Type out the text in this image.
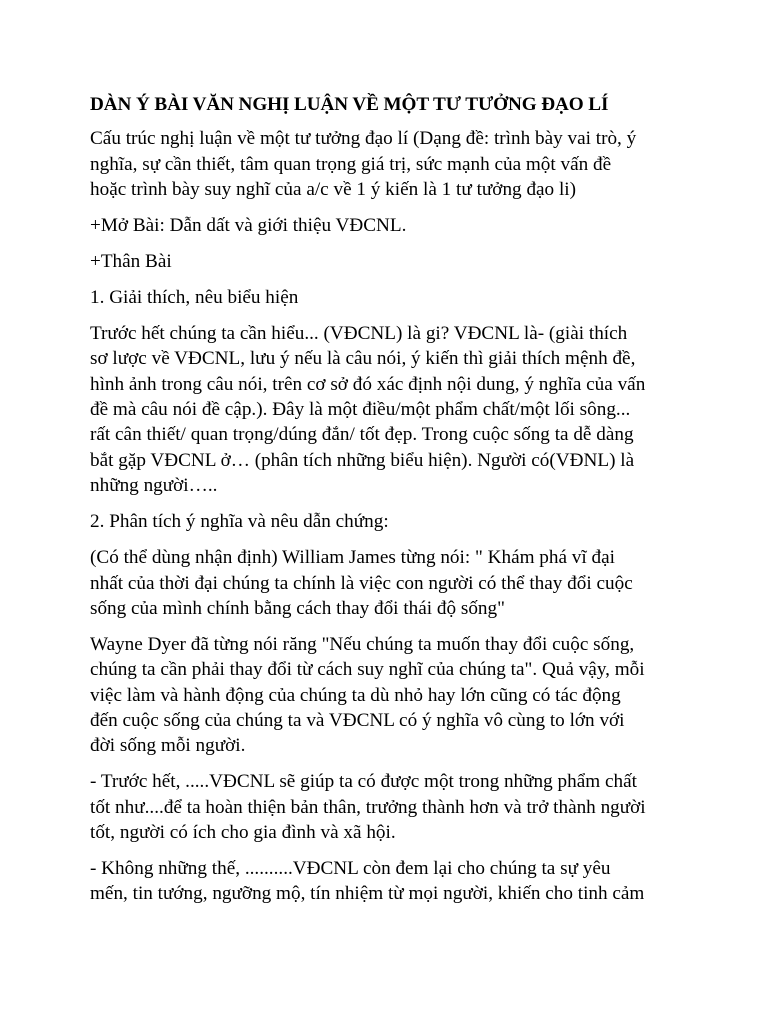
DÀN Ý BÀI VĂN NGHỊ LUẬN VỀ MỘT TƯ TƯỞNG ĐẠO LÍ
Cấu trúc nghị luận về một tư tưởng đạo lí (Dạng đề: trình bày vai trò, ý
nghĩa, sự cần thiết, tâm quan trọng giá trị, sức mạnh của một vấn đề
hoặc trình bày suy nghĩ của a/c về 1 ý kiến là 1 tư tưởng đạo li)
+Mở Bài: Dẫn dất và giới thiệu VĐCNL.
+Thân Bài
1. Giải thích, nêu biểu hiện
Trước hết chúng ta cần hiểu... (VĐCNL) là gi? VĐCNL là- (giài thích
sơ lược về VĐCNL, lưu ý nếu là câu nói, ý kiến thì giải thích mệnh đề,
hình ảnh trong câu nói, trên cơ sở đó xác định nội dung, ý nghĩa của vấn
đề mà câu nói đề cập.). Đây là một điều/một phẩm chất/một lối sông...
rất cân thiết/ quan trọng/dúng đắn/ tốt đẹp. Trong cuộc sống ta dễ dàng
bắt gặp VĐCNL ở… (phân tích những biểu hiện). Người có(VĐNL) là
những người…..
2. Phân tích ý nghĩa và nêu dẫn chứng:
(Có thể dùng nhận định) William James từng nói: " Khám phá vĩ đại
nhất của thời đại chúng ta chính là việc con người có thể thay đổi cuộc
sống của mình chính bằng cách thay đổi thái độ sống"
Wayne Dyer đã từng nói răng "Nếu chúng ta muốn thay đổi cuộc sống,
chúng ta cần phải thay đổi từ cách suy nghĩ của chúng ta". Quả vậy, mỗi
việc làm và hành động của chúng ta dù nhỏ hay lớn cũng có tác động
đến cuộc sống của chúng ta và VĐCNL có ý nghĩa vô cùng to lớn với
đời sống mỗi người.
- Trước hết, .....VĐCNL sẽ giúp ta có được một trong những phẩm chất
tốt như....để ta hoàn thiện bản thân, trưởng thành hơn và trở thành người
tốt, người có ích cho gia đình và xã hội.
- Không những thế, ..........VĐCNL còn đem lại cho chúng ta sự yêu
mến, tin tướng, ngưỡng mộ, tín nhiệm từ mọi người, khiến cho tinh cảm
